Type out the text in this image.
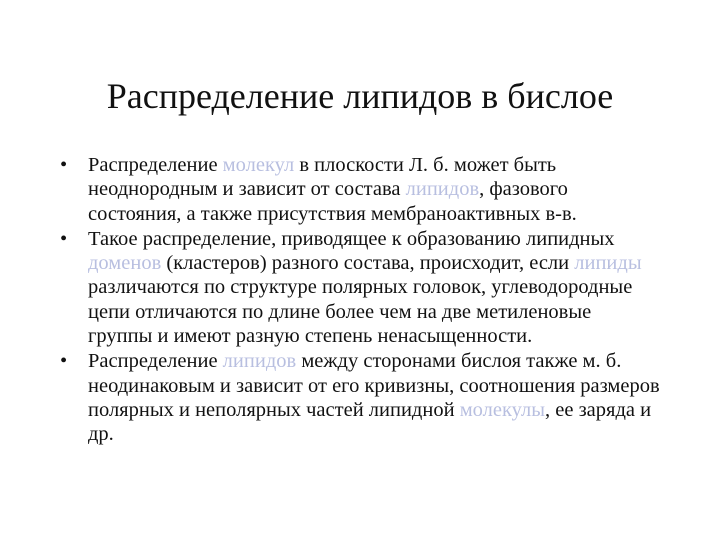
Распределение липидов в бислое
•	Распределение молекул в плоскости Л. б. может быть неоднородным и зависит от состава липидов, фазового состояния, а также присутствия мембраноактивных в-в.
•	Такое распределение, приводящее к образованию липидных доменов (кластеров) разного состава, происходит, если липиды различаются по структуре полярных головок, углеводородные цепи отличаются по длине более чем на две метиленовые группы и имеют разную степень ненасыщенности.
•	Распределение липидов между сторонами бислоя также м. б. неодинаковым и зависит от его кривизны, соотношения размеров полярных и неполярных частей липидной молекулы, ее заряда и др.
